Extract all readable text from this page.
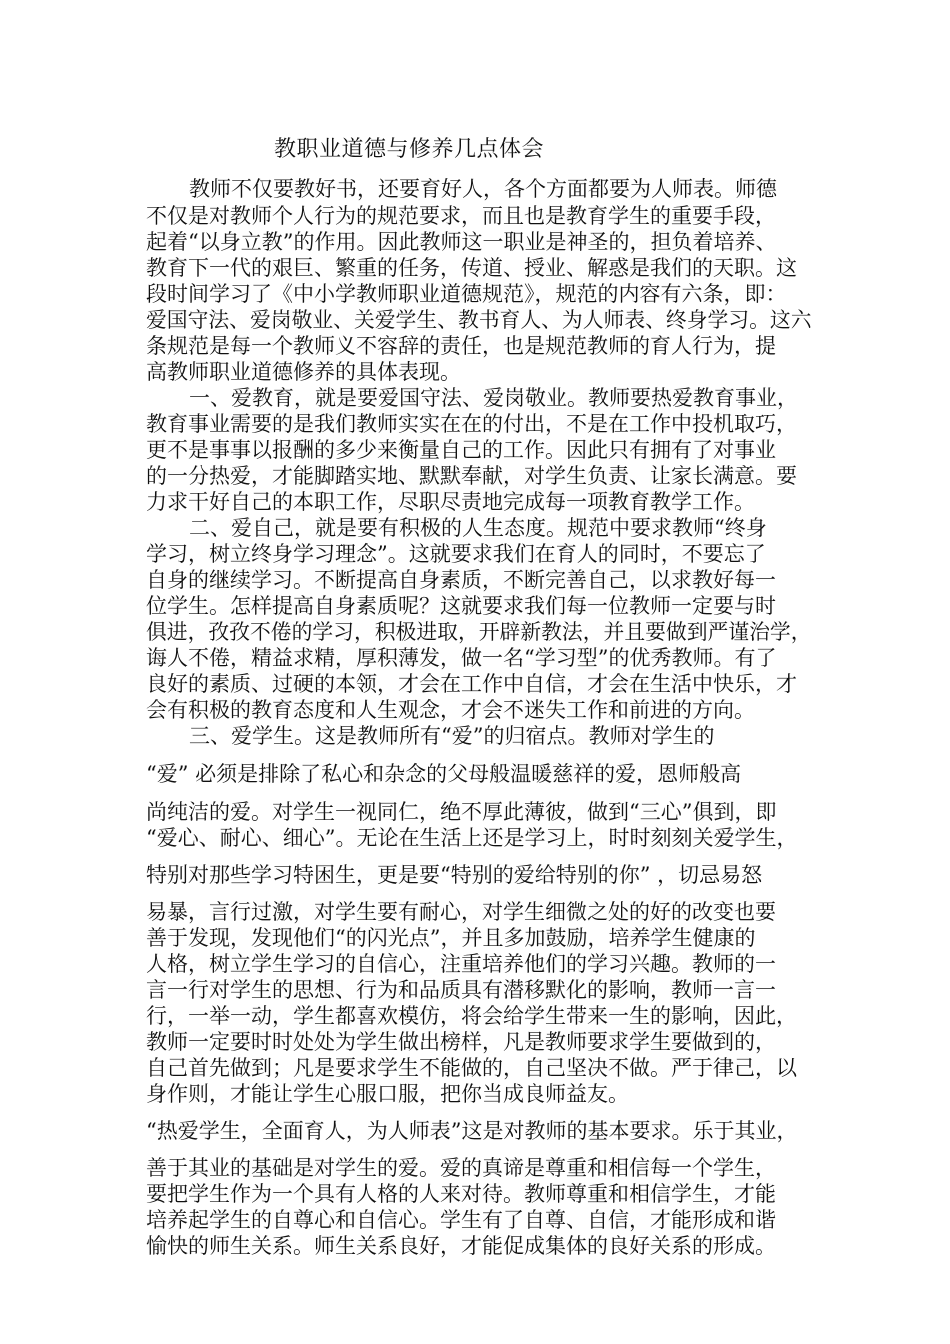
教职业道德与修养几点体会
教师不仅要教好书，还要育好人，各个方面都要为人师表。师德
不仅是对教师个人行为的规范要求，而且也是教育学生的重要手段，
起着“以身立教”的作用。因此教师这一职业是神圣的，担负着培养、
教育下一代的艰巨、繁重的任务，传道、授业、解惑是我们的天职。这
段时间学习了《中小学教师职业道德规范》，规范的内容有六条，即：
爱国守法、爱岗敬业、关爱学生、教书育人、为人师表、终身学习。这六
条规范是每一个教师义不容辞的责任，也是规范教师的育人行为，提
高教师职业道德修养的具体表现。
一、爱教育，就是要爱国守法、爱岗敬业。教师要热爱教育事业，
教育事业需要的是我们教师实实在在的付出，不是在工作中投机取巧，
更不是事事以报酬的多少来衡量自己的工作。因此只有拥有了对事业
的一分热爱，才能脚踏实地、默默奉献，对学生负责、让家长满意。要
力求干好自己的本职工作，尽职尽责地完成每一项教育教学工作。
二、爱自己，就是要有积极的人生态度。规范中要求教师“终身
学习，树立终身学习理念”。这就要求我们在育人的同时，不要忘了
自身的继续学习。不断提高自身素质，不断完善自己，以求教好每一
位学生。怎样提高自身素质呢？这就要求我们每一位教师一定要与时
俱进，孜孜不倦的学习，积极进取，开辟新教法，并且要做到严谨治学，
诲人不倦，精益求精，厚积薄发，做一名“学习型”的优秀教师。有了
良好的素质、过硬的本领，才会在工作中自信，才会在生活中快乐，才
会有积极的教育态度和人生观念，才会不迷失工作和前进的方向。
三、爱学生。这是教师所有“爱”的归宿点。教师对学生的
“爱” 必须是排除了私心和杂念的父母般温暖慈祥的爱，恩师般高
尚纯洁的爱。对学生一视同仁，绝不厚此薄彼，做到“三心”俱到，即
“爱心、耐心、细心”。无论在生活上还是学习上，时时刻刻关爱学生，
特别对那些学习特困生，更是要“特别的爱给特别的你” ，切忌易怒
易暴，言行过激，对学生要有耐心，对学生细微之处的好的改变也要
善于发现，发现他们“的闪光点”，并且多加鼓励，培养学生健康的
人格，树立学生学习的自信心，注重培养他们的学习兴趣。教师的一
言一行对学生的思想、行为和品质具有潜移默化的影响，教师一言一
行，一举一动，学生都喜欢模仿，将会给学生带来一生的影响，因此，
教师一定要时时处处为学生做出榜样，凡是教师要求学生要做到的，
自己首先做到；凡是要求学生不能做的，自己坚决不做。严于律己，以
身作则，才能让学生心服口服，把你当成良师益友。
“热爱学生，全面育人，为人师表”这是对教师的基本要求。乐于其业，
善于其业的基础是对学生的爱。爱的真谛是尊重和相信每一个学生，
要把学生作为一个具有人格的人来对待。教师尊重和相信学生，才能
培养起学生的自尊心和自信心。学生有了自尊、自信，才能形成和谐
愉快的师生关系。师生关系良好，才能促成集体的良好关系的形成。
